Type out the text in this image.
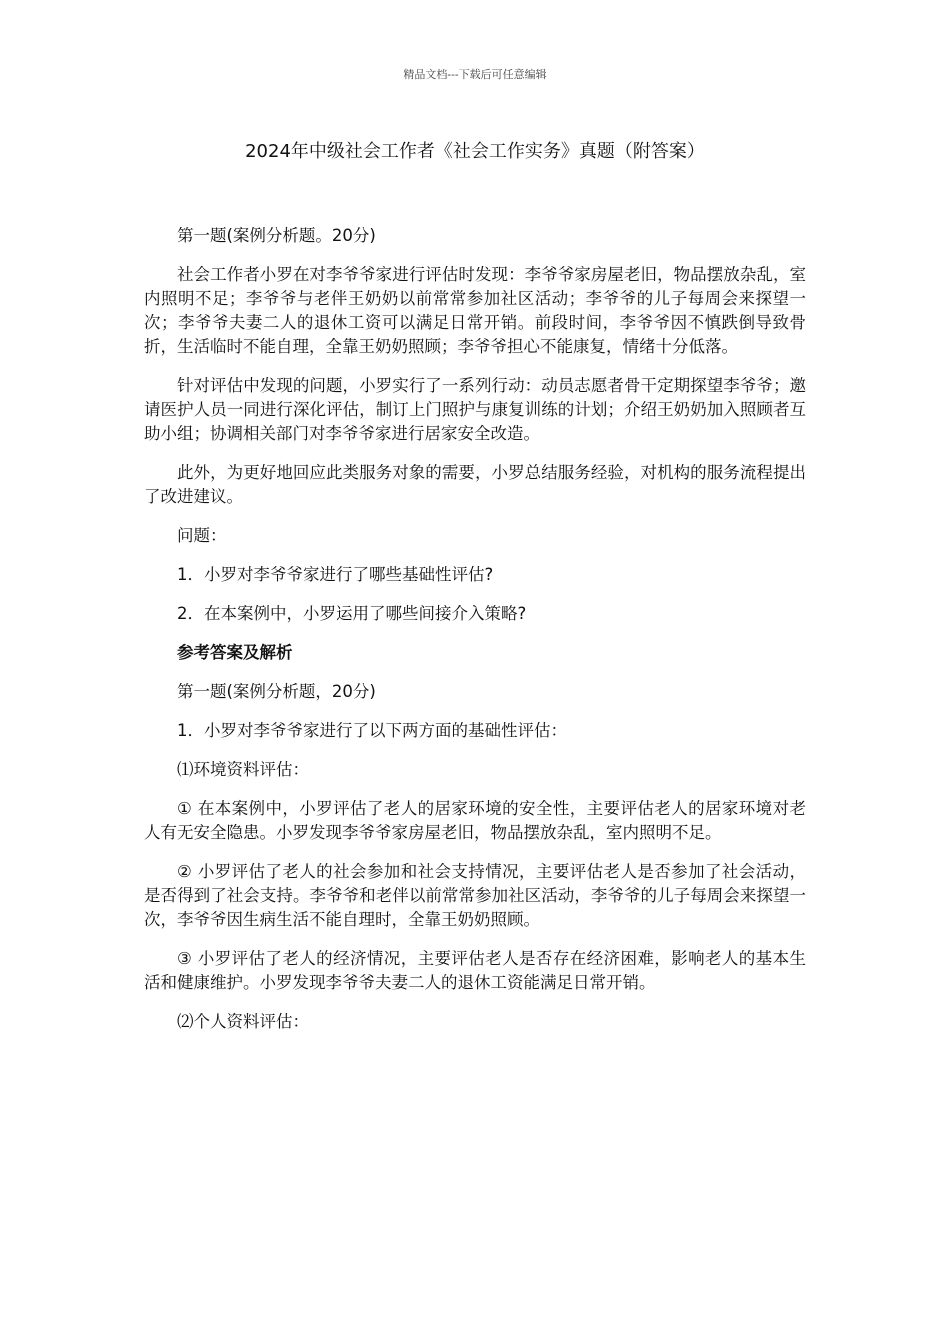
精品文档---下载后可任意编辑
2024年中级社会工作者《社会工作实务》真题（附答案）

第一题(案例分析题。20分)

社会工作者小罗在对李爷爷家进行评估时发现：李爷爷家房屋老旧，物品摆放杂乱，室内照明不足；李爷爷与老伴王奶奶以前常常参加社区活动；李爷爷的儿子每周会来探望一次；李爷爷夫妻二人的退休工资可以满足日常开销。前段时间，李爷爷因不慎跌倒导致骨折，生活临时不能自理，全靠王奶奶照顾；李爷爷担心不能康复，情绪十分低落。

针对评估中发现的问题，小罗实行了一系列行动：动员志愿者骨干定期探望李爷爷；邀请医护人员一同进行深化评估，制订上门照护与康复训练的计划；介绍王奶奶加入照顾者互助小组；协调相关部门对李爷爷家进行居家安全改造。

此外，为更好地回应此类服务对象的需要，小罗总结服务经验，对机构的服务流程提出了改进建议。

问题：

1．小罗对李爷爷家进行了哪些基础性评估?

2．在本案例中，小罗运用了哪些间接介入策略?

参考答案及解析

第一题(案例分析题，20分)

1．小罗对李爷爷家进行了以下两方面的基础性评估：

⑴环境资料评估：

① 在本案例中，小罗评估了老人的居家环境的安全性，主要评估老人的居家环境对老人有无安全隐患。小罗发现李爷爷家房屋老旧，物品摆放杂乱，室内照明不足。

② 小罗评估了老人的社会参加和社会支持情况，主要评估老人是否参加了社会活动，是否得到了社会支持。李爷爷和老伴以前常常参加社区活动，李爷爷的儿子每周会来探望一次，李爷爷因生病生活不能自理时，全靠王奶奶照顾。

③ 小罗评估了老人的经济情况，主要评估老人是否存在经济困难，影响老人的基本生活和健康维护。小罗发现李爷爷夫妻二人的退休工资能满足日常开销。

⑵个人资料评估：
